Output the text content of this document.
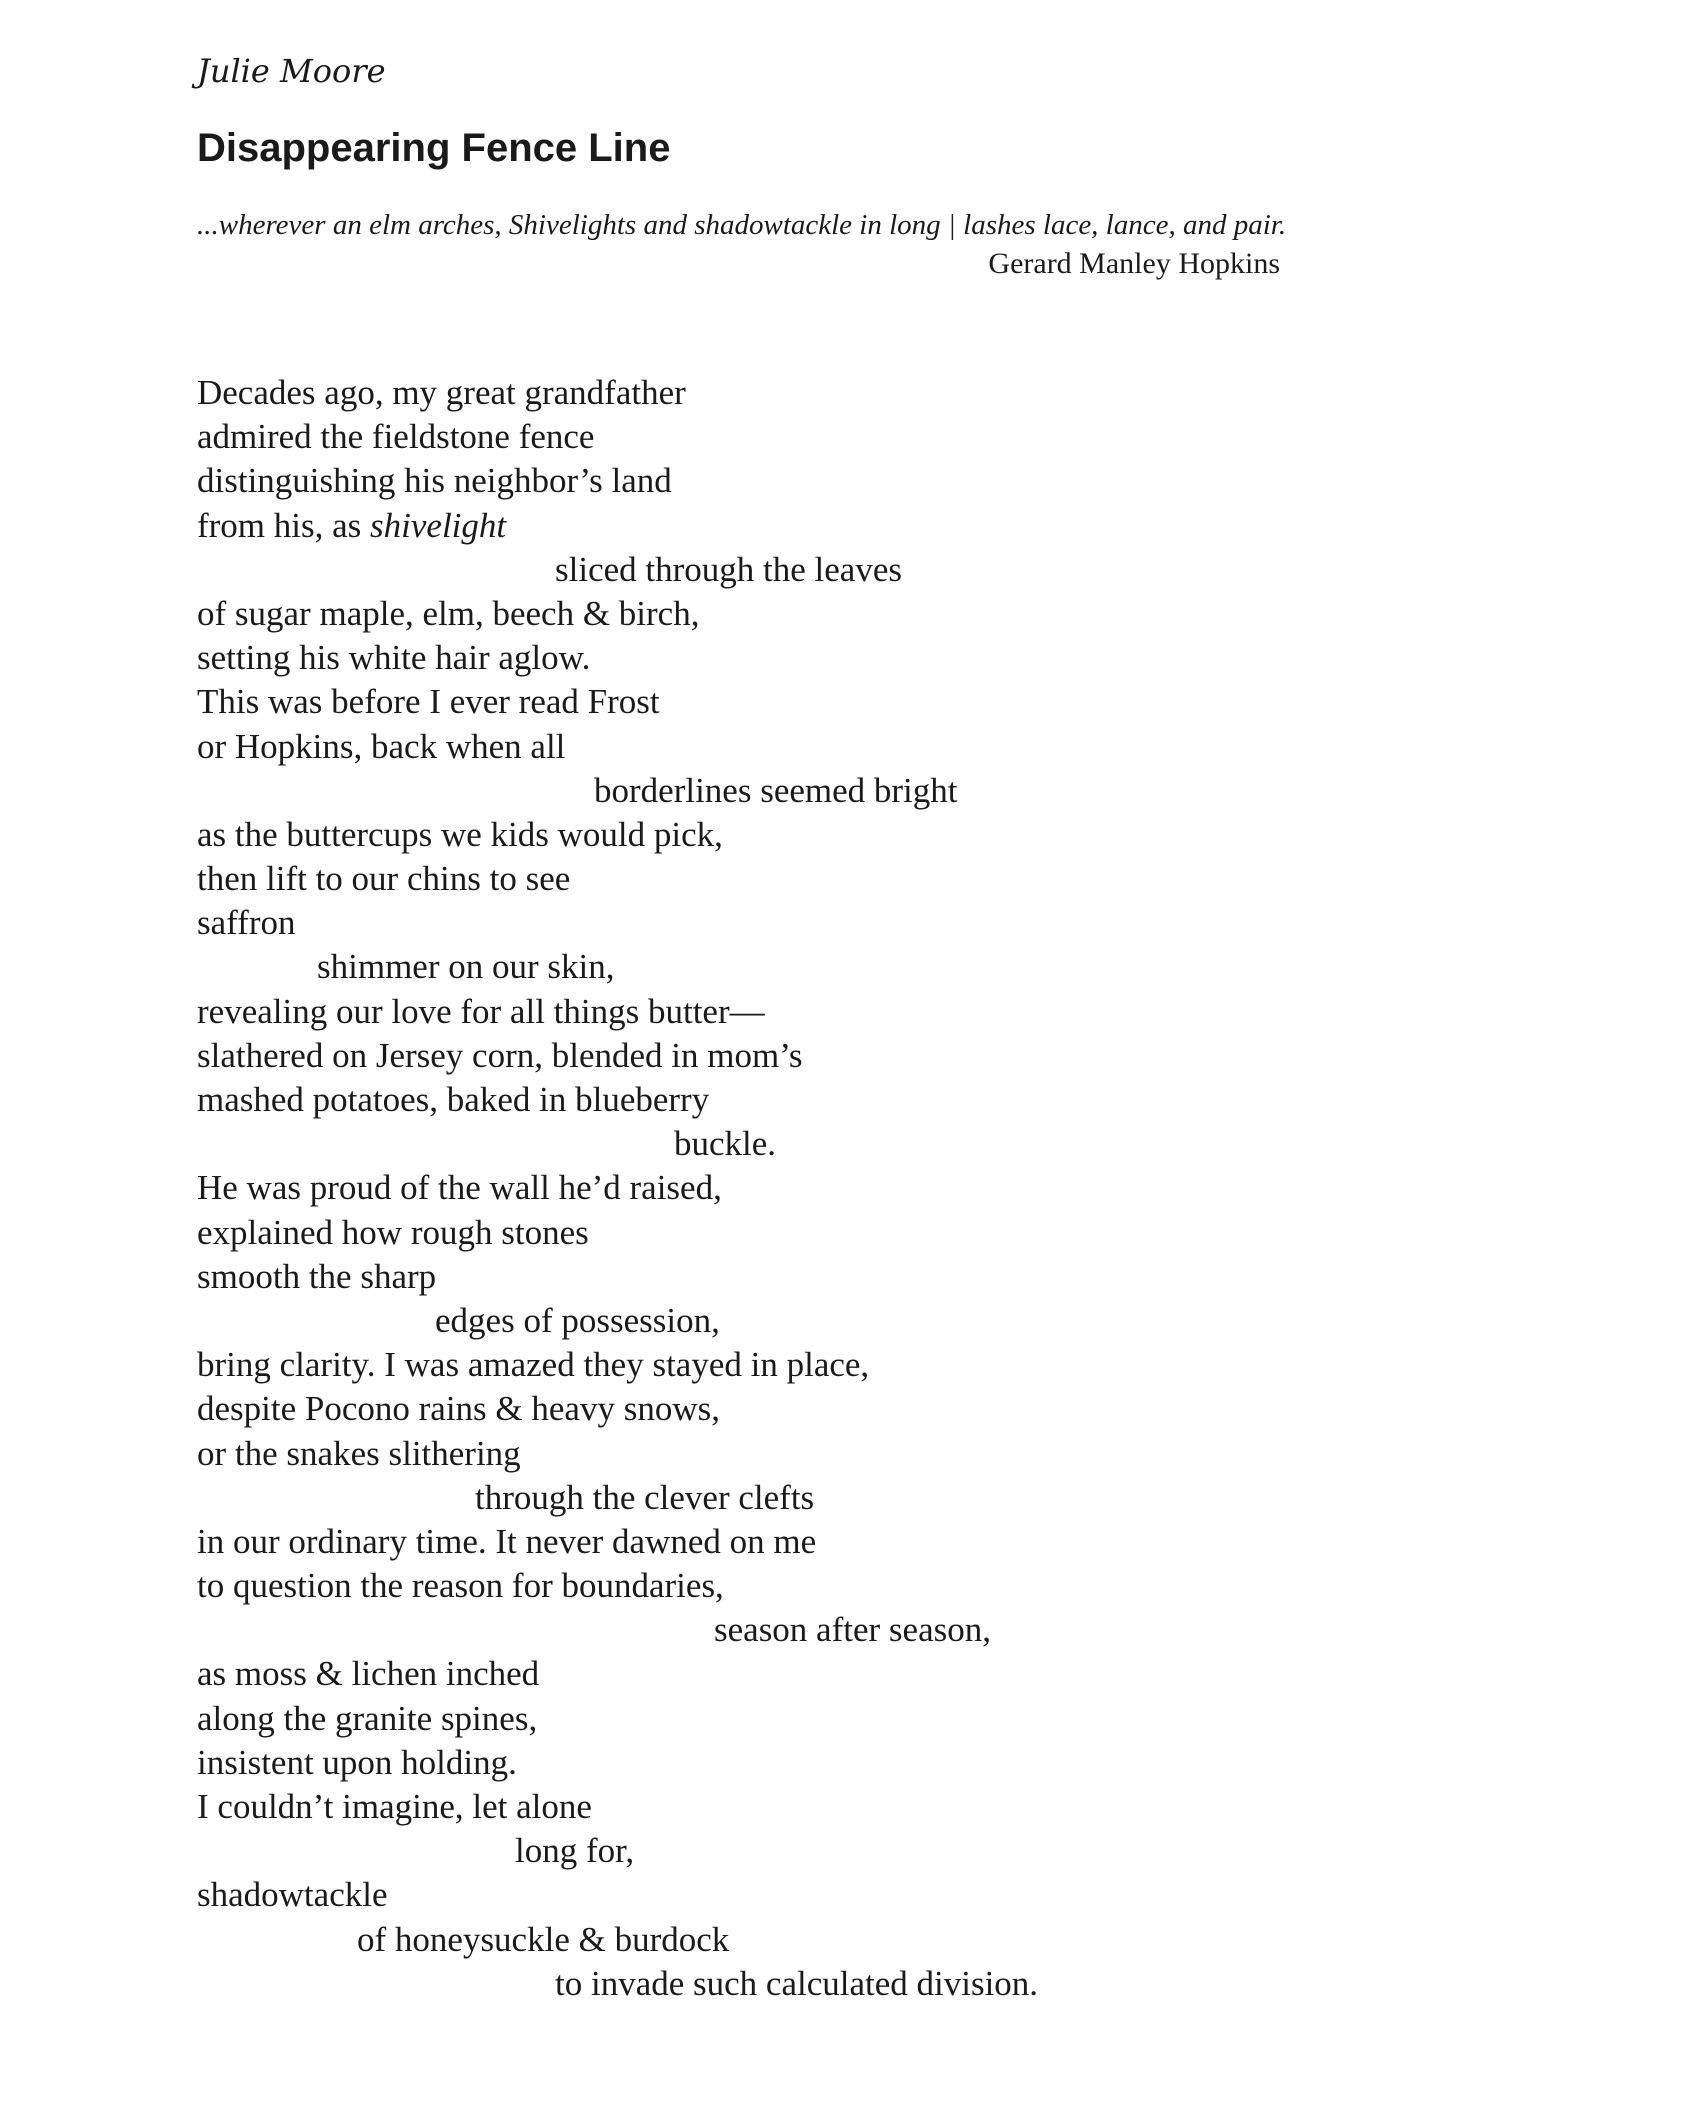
Julie Moore
Disappearing Fence Line
...wherever an elm arches, Shivelights and shadowtackle in long | lashes lace, lance, and pair.
Gerard Manley Hopkins
Decades ago, my great grandfather
admired the fieldstone fence
distinguishing his neighbor’s land
from his, as shivelight
sliced through the leaves
of sugar maple, elm, beech & birch,
setting his white hair aglow.
This was before I ever read Frost
or Hopkins, back when all
borderlines seemed bright
as the buttercups we kids would pick,
then lift to our chins to see
saffron
shimmer on our skin,
revealing our love for all things butter—
slathered on Jersey corn, blended in mom’s
mashed potatoes, baked in blueberry
buckle.
He was proud of the wall he’d raised,
explained how rough stones
smooth the sharp
edges of possession,
bring clarity. I was amazed they stayed in place,
despite Pocono rains & heavy snows,
or the snakes slithering
through the clever clefts
in our ordinary time. It never dawned on me
to question the reason for boundaries,
season after season,
as moss & lichen inched
along the granite spines,
insistent upon holding.
I couldn’t imagine, let alone
long for,
shadowtackle
of honeysuckle & burdock
to invade such calculated division.
